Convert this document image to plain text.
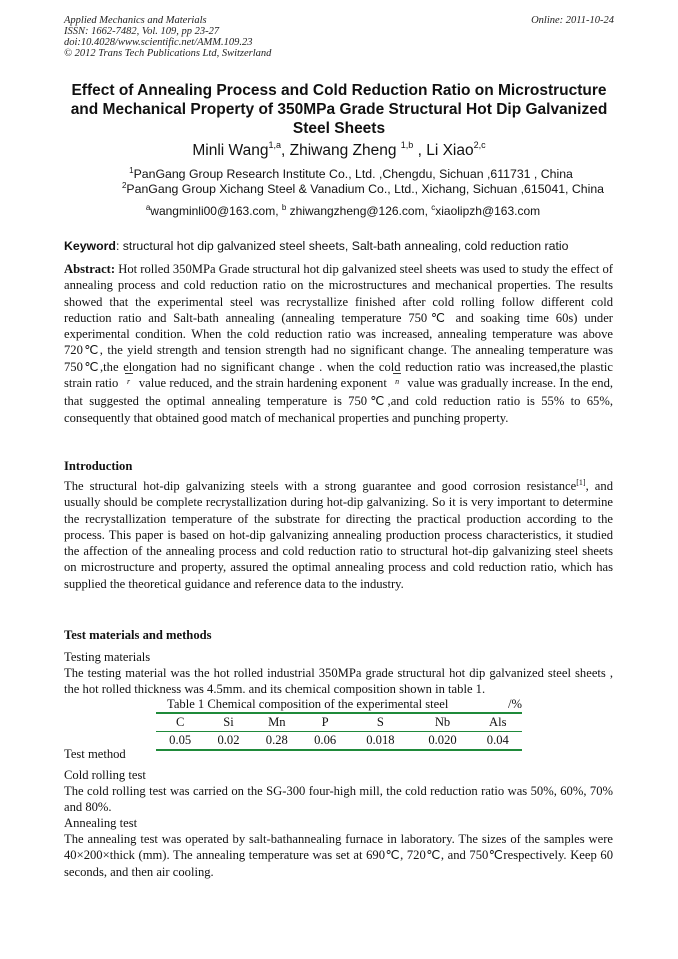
Applied Mechanics and Materials
ISSN: 1662-7482, Vol. 109, pp 23-27
doi:10.4028/www.scientific.net/AMM.109.23
© 2012 Trans Tech Publications Ltd, Switzerland
Online: 2011-10-24
Effect of Annealing Process and Cold Reduction Ratio on Microstructure
and Mechanical Property of 350MPa Grade Structural Hot Dip Galvanized
Steel Sheets
Minli Wang$^{1,a}$, Zhiwang Zheng $^{1,b}$ , Li Xiao$^{2,c}$
$^1$PanGang Group Research Institute Co., Ltd. ,Chengdu, Sichuan ,611731 , China
$^2$PanGang Group Xichang Steel & Vanadium Co., Ltd., Xichang, Sichuan ,615041, China
$^a$wangminli00@163.com, $^b$ zhiwangzheng@126.com, $^c$xiaolipzh@163.com
Keyword: structural hot dip galvanized steel sheets, Salt-bath annealing, cold reduction ratio
Abstract: Hot rolled 350MPa Grade structural hot dip galvanized steel sheets was used to study the effect of annealing process and cold reduction ratio on the microstructures and mechanical properties. The results showed that the experimental steel was recrystallize finished after cold rolling follow different cold reduction ratio and Salt-bath annealing (annealing temperature 750℃ and soaking time 60s) under experimental condition. When the cold reduction ratio was increased, annealing temperature was above 720℃, the yield strength and tension strength had no significant change. The annealing temperature was 750℃,the elongation had no significant change . when the cold reduction ratio was increased,the plastic strain ratio r value reduced, and the strain hardening exponent n value was gradually increase. In the end, that suggested the optimal annealing temperature is 750℃,and cold reduction ratio is 55% to 65%, consequently that obtained good match of mechanical properties and punching property.
Introduction
The structural hot-dip galvanizing steels with a strong guarantee and good corrosion resistance[1], and usually should be complete recrystallization during hot-dip galvanizing. So it is very important to determine the recrystallization temperature of the substrate for directing the practical production according to the process. This paper is based on hot-dip galvanizing annealing production process characteristics, it studied the affection of the annealing process and cold reduction ratio to structural hot-dip galvanizing steel sheets on microstructure and property, assured the optimal annealing process and cold reduction ratio, which has supplied the theoretical guidance and reference data to the industry.
Test materials and methods
Testing materials
The testing material was the hot rolled industrial 350MPa grade structural hot dip galvanized steel sheets , the hot rolled thickness was 4.5mm. and its chemical composition shown in table 1.
Table 1 Chemical composition of the experimental steel	/%
C	Si	Mn	P	S	Nb	Als
0.05	0.02	0.28	0.06	0.018	0.020	0.04
Test method
Cold rolling test
The cold rolling test was carried on the SG-300 four-high mill, the cold reduction ratio was 50%, 60%, 70% and 80%.
Annealing test
The annealing test was operated by salt-bathannealing furnace in laboratory. The sizes of the samples were 40×200×thick (mm). The annealing temperature was set at 690℃, 720℃, and 750℃respectively. Keep 60 seconds, and then air cooling.
